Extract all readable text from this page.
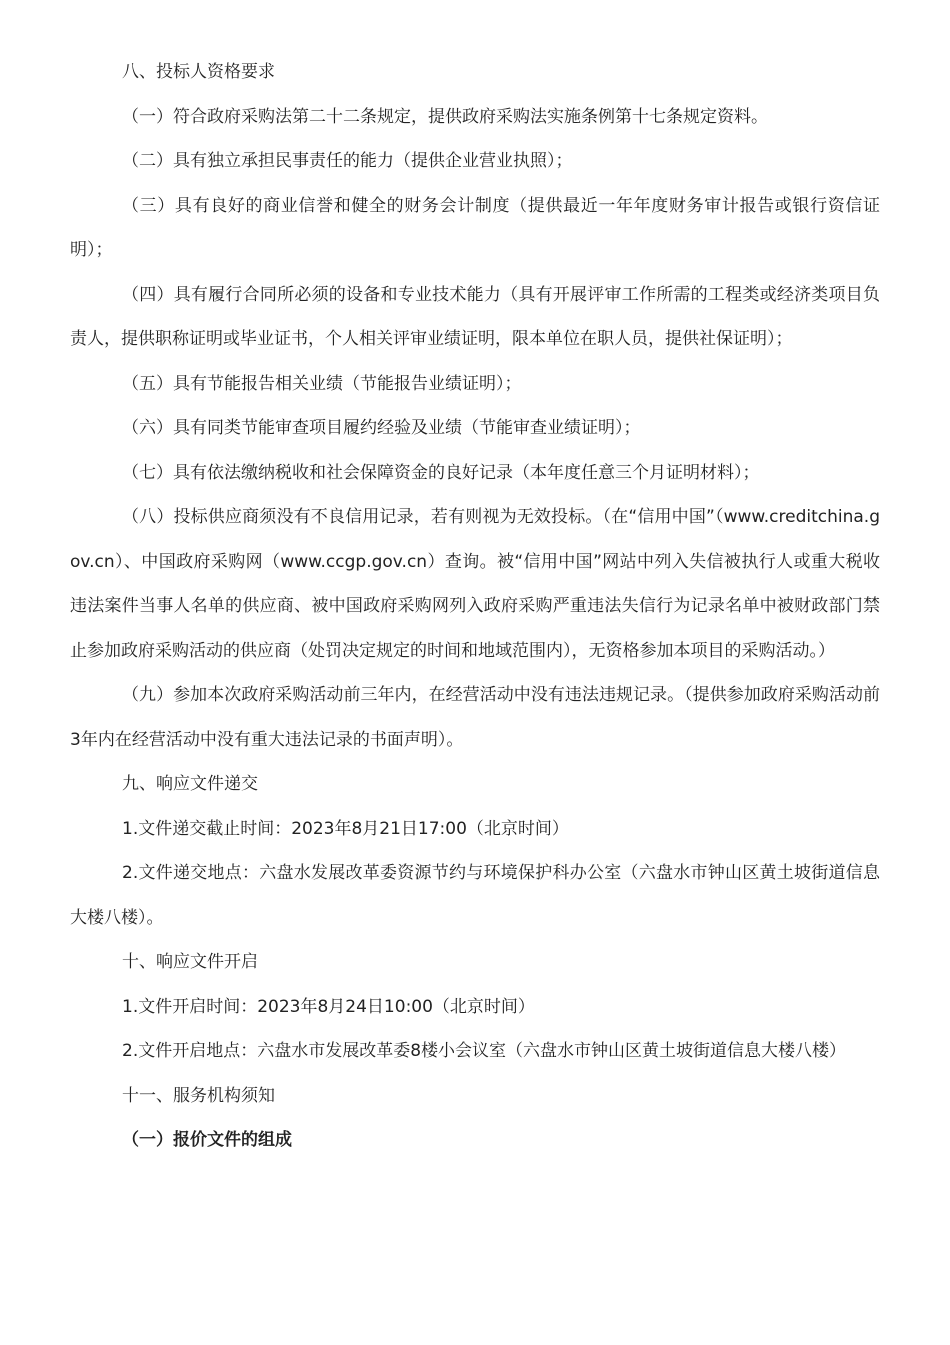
八、投标人资格要求

（一）符合政府采购法第二十二条规定，提供政府采购法实施条例第十七条规定资料。

（二）具有独立承担民事责任的能力（提供企业营业执照）；

（三）具有良好的商业信誉和健全的财务会计制度（提供最近一年年度财务审计报告或银行资信证明）；

（四）具有履行合同所必须的设备和专业技术能力（具有开展评审工作所需的工程类或经济类项目负责人，提供职称证明或毕业证书，个人相关评审业绩证明，限本单位在职人员，提供社保证明）；

（五）具有节能报告相关业绩（节能报告业绩证明）；

（六）具有同类节能审查项目履约经验及业绩（节能审查业绩证明）；

（七）具有依法缴纳税收和社会保障资金的良好记录（本年度任意三个月证明材料）；

（八）投标供应商须没有不良信用记录，若有则视为无效投标。（在“信用中国”（www.creditchina.gov.cn）、中国政府采购网（www.ccgp.gov.cn）查询。被“信用中国”网站中列入失信被执行人或重大税收违法案件当事人名单的供应商、被中国政府采购网列入政府采购严重违法失信行为记录名单中被财政部门禁止参加政府采购活动的供应商（处罚决定规定的时间和地域范围内），无资格参加本项目的采购活动。）

（九）参加本次政府采购活动前三年内，在经营活动中没有违法违规记录。（提供参加政府采购活动前3年内在经营活动中没有重大违法记录的书面声明）。

九、响应文件递交

1.文件递交截止时间：2023年8月21日17:00（北京时间）

2.文件递交地点：六盘水发展改革委资源节约与环境保护科办公室（六盘水市钟山区黄土坡街道信息大楼八楼）。

十、响应文件开启

1.文件开启时间：2023年8月24日10:00（北京时间）

2.文件开启地点：六盘水市发展改革委8楼小会议室（六盘水市钟山区黄土坡街道信息大楼八楼）

十一、服务机构须知

（一）报价文件的组成
